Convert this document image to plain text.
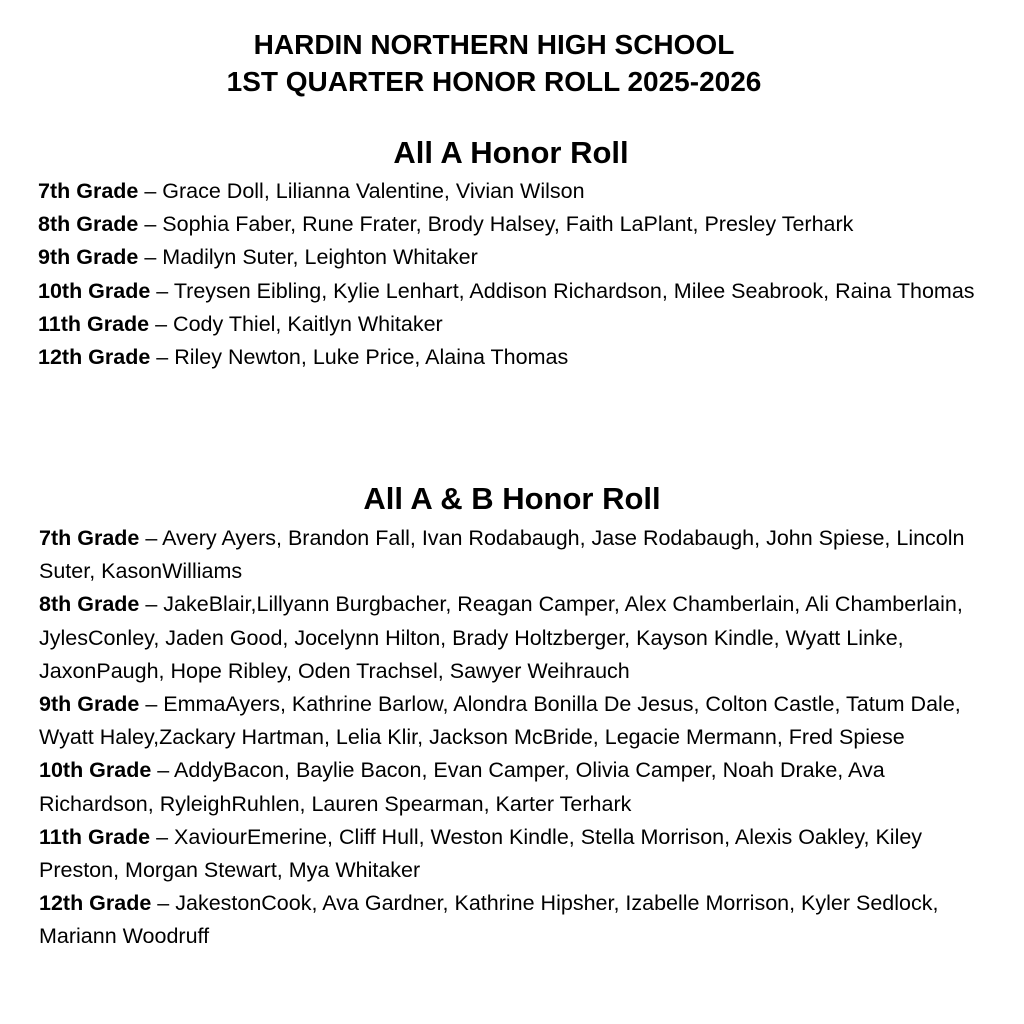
HARDIN NORTHERN HIGH SCHOOL
1ST QUARTER HONOR ROLL 2025-2026
All A Honor Roll

7th Grade – Grace Doll, Lilianna Valentine, Vivian Wilson

8th Grade – Sophia Faber, Rune Frater, Brody Halsey, Faith LaPlant, Presley Terhark

9th Grade – Madilyn Suter, Leighton Whitaker

10th Grade – Treysen Eibling, Kylie Lenhart, Addison Richardson, Milee Seabrook, Raina Thomas

11th Grade – Cody Thiel, Kaitlyn Whitaker

12th Grade – Riley Newton, Luke Price, Alaina Thomas

All A & B Honor Roll

7th Grade – Avery Ayers, Brandon Fall, Ivan Rodabaugh, Jase Rodabaugh, John Spiese, Lincoln Suter, KasonWilliams

8th Grade – JakeBlair,Lillyann Burgbacher, Reagan Camper, Alex Chamberlain, Ali Chamberlain, JylesConley, Jaden Good, Jocelynn Hilton, Brady Holtzberger, Kayson Kindle, Wyatt Linke, JaxonPaugh, Hope Ribley, Oden Trachsel, Sawyer Weihrauch

9th Grade – EmmaAyers, Kathrine Barlow, Alondra Bonilla De Jesus, Colton Castle, Tatum Dale, Wyatt Haley,Zackary Hartman, Lelia Klir, Jackson McBride, Legacie Mermann, Fred Spiese

10th Grade – AddyBacon, Baylie Bacon, Evan Camper, Olivia Camper, Noah Drake, Ava Richardson, RyleighRuhlen, Lauren Spearman, Karter Terhark

11th Grade – XaviourEmerine, Cliff Hull, Weston Kindle, Stella Morrison, Alexis Oakley, Kiley Preston, Morgan Stewart, Mya Whitaker

12th Grade – JakestonCook, Ava Gardner, Kathrine Hipsher, Izabelle Morrison, Kyler Sedlock, Mariann Woodruff
